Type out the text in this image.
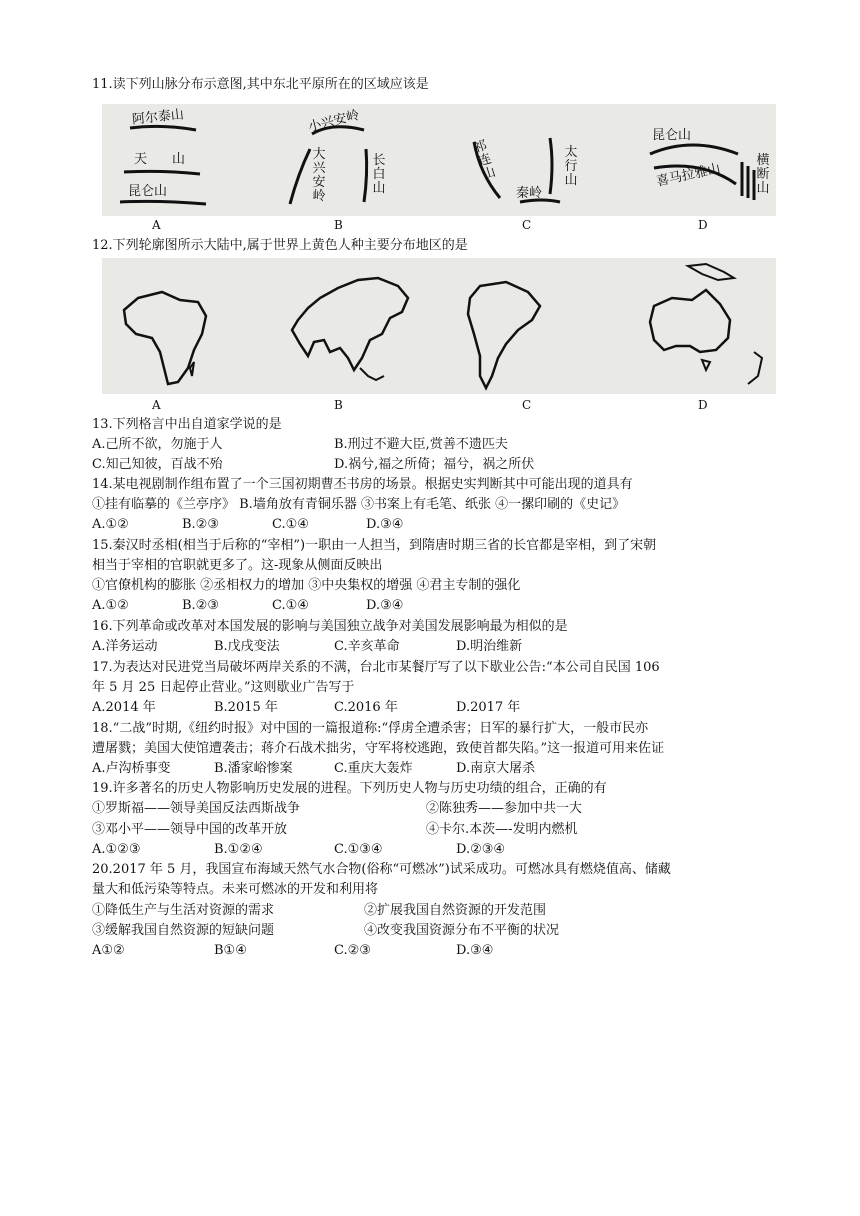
11.读下列山脉分布示意图,其中东北平原所在的区域应该是
阿尔泰山
天 山
昆仑山
小兴安岭
大兴安岭
长白山
祁连山
秦岭
太行山
昆仑山
喜马拉雅山
横断山
A	B	C	D
12.下列轮廓图所示大陆中,属于世界上黄色人种主要分布地区的是
A	B	C	D
13.下列格言中出自道家学说的是
A.己所不欲，勿施于人	B.刑过不避大臣,赏善不遗匹夫
C.知己知彼，百战不殆	D.祸兮,福之所倚；福兮，祸之所伏
14.某电视剧制作组布置了一个三国初期曹丕书房的场景。根据史实判断其中可能出现的道具有
①挂有临摹的《兰亭序》 B.墙角放有青铜乐器 ③书案上有毛笔、纸张 ④一摞印刷的《史记》
A.①②	B.②③	C.①④	D.③④
15.秦汉时丞相(相当于后称的“宰相”)一职由一人担当，到隋唐时期三省的长官都是宰相，到了宋朝
相当于宰相的官职就更多了。这-现象从侧面反映出
①官僚机构的膨胀 ②丞相权力的增加 ③中央集权的增强 ④君主专制的强化
A.①②	B.②③	C.①④	D.③④
16.下列革命或改革对本国发展的影响与美国独立战争对美国发展影响最为相似的是
A.洋务运动	B.戊戌变法	C.辛亥革命	D.明治维新
17.为表达对民进党当局破坏两岸关系的不满，台北市某餐厅写了以下歇业公告:“本公司自民国 106
年 5 月 25 日起停止营业。”这则歇业广告写于
A.2014 年	B.2015 年	C.2016 年	D.2017 年
18.“二战”时期,《纽约时报》对中国的一篇报道称:“俘虏全遭杀害；日军的暴行扩大，一般市民亦
遭屠戮；美国大使馆遭袭击；蒋介石战术拙劣，守军将校逃跑，致使首都失陷。”这一报道可用来佐证
A.卢沟桥事变	B.潘家峪惨案	C.重庆大轰炸	D.南京大屠杀
19.许多著名的历史人物影响历史发展的进程。下列历史人物与历史功绩的组合，正确的有
①罗斯福——领导美国反法西斯战争	②陈独秀——参加中共一大
③邓小平——领导中国的改革开放	④卡尔.本茨—-发明内燃机
A.①②③	B.①②④	C.①③④	D.②③④
20.2017 年 5 月，我国宣布海域天然气水合物(俗称“可燃冰”)试采成功。可燃冰具有燃烧值高、储藏
量大和低污染等特点。未来可燃冰的开发和利用将
①降低生产与生活对资源的需求	②扩展我国自然资源的开发范围
③缓解我国自然资源的短缺问题	④改变我国资源分布不平衡的状况
A①②	B①④	C.②③	D.③④
